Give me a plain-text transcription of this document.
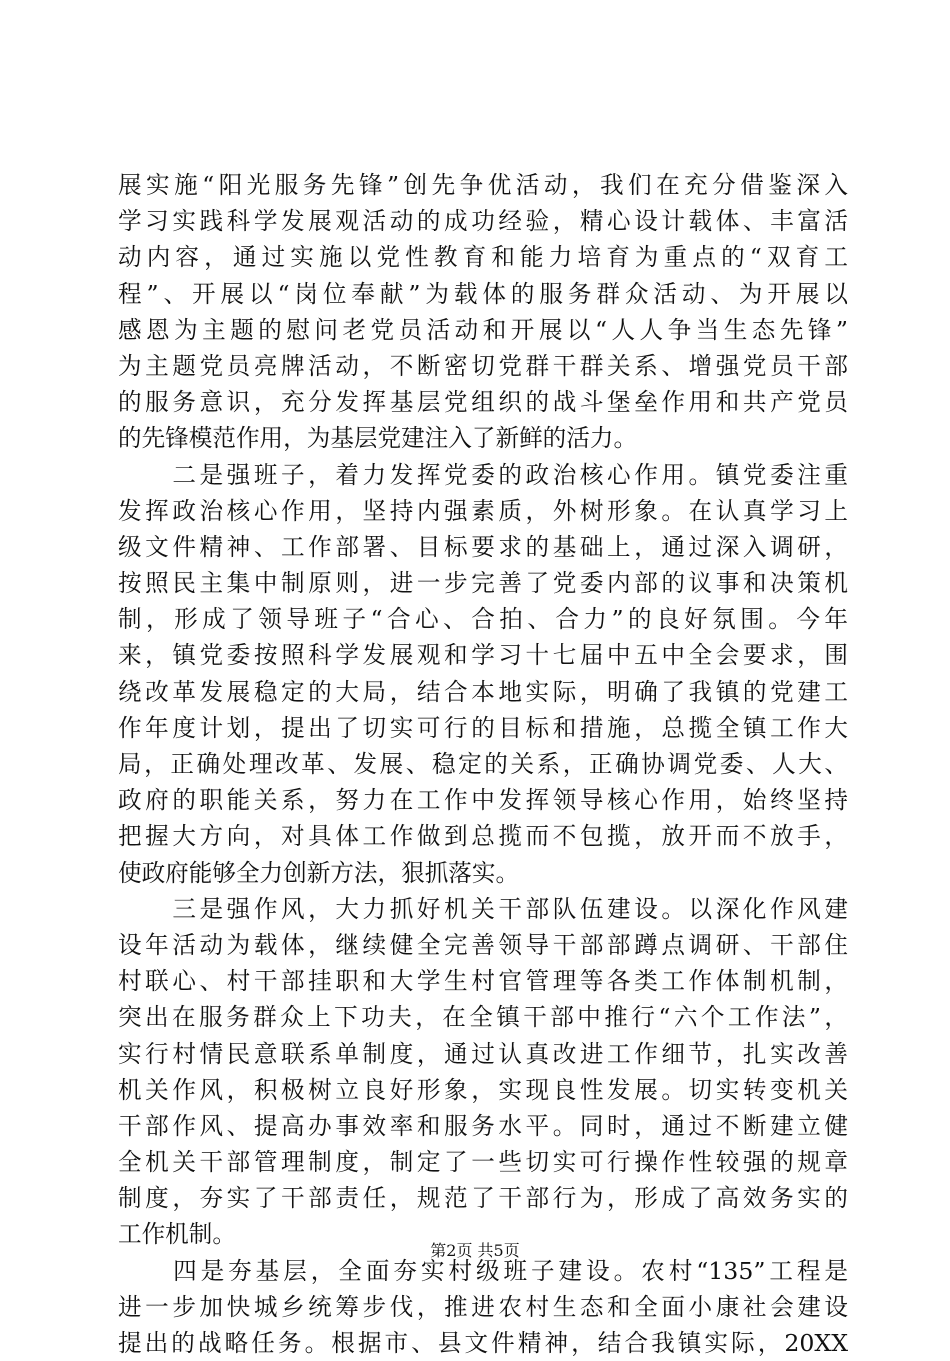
展实施“阳光服务先锋”创先争优活动，我们在充分借鉴深入
学习实践科学发展观活动的成功经验，精心设计载体、丰富活
动内容，通过实施以党性教育和能力培育为重点的“双育工
程”、开展以“岗位奉献”为载体的服务群众活动、为开展以
感恩为主题的慰问老党员活动和开展以“人人争当生态先锋”
为主题党员亮牌活动，不断密切党群干群关系、增强党员干部
的服务意识，充分发挥基层党组织的战斗堡垒作用和共产党员
的先锋模范作用，为基层党建注入了新鲜的活力。
　　二是强班子，着力发挥党委的政治核心作用。镇党委注重
发挥政治核心作用，坚持内强素质，外树形象。在认真学习上
级文件精神、工作部署、目标要求的基础上，通过深入调研，
按照民主集中制原则，进一步完善了党委内部的议事和决策机
制，形成了领导班子“合心、合拍、合力”的良好氛围。今年
来，镇党委按照科学发展观和学习十七届中五中全会要求，围
绕改革发展稳定的大局，结合本地实际，明确了我镇的党建工
作年度计划，提出了切实可行的目标和措施，总揽全镇工作大
局，正确处理改革、发展、稳定的关系，正确协调党委、人大、
政府的职能关系，努力在工作中发挥领导核心作用，始终坚持
把握大方向，对具体工作做到总揽而不包揽，放开而不放手，
使政府能够全力创新方法，狠抓落实。
　　三是强作风，大力抓好机关干部队伍建设。以深化作风建
设年活动为载体，继续健全完善领导干部部蹲点调研、干部住
村联心、村干部挂职和大学生村官管理等各类工作体制机制，
突出在服务群众上下功夫，在全镇干部中推行“六个工作法”，
实行村情民意联系单制度，通过认真改进工作细节，扎实改善
机关作风，积极树立良好形象，实现良性发展。切实转变机关
干部作风、提高办事效率和服务水平。同时，通过不断建立健
全机关干部管理制度，制定了一些切实可行操作性较强的规章
制度，夯实了干部责任，规范了干部行为，形成了高效务实的
工作机制。
　　四是夯基层，全面夯实村级班子建设。农村“135”工程是
进一步加快城乡统筹步伐，推进农村生态和全面小康社会建设
提出的战略任务。根据市、县文件精神，结合我镇实际，20XX
第2页 共5页
